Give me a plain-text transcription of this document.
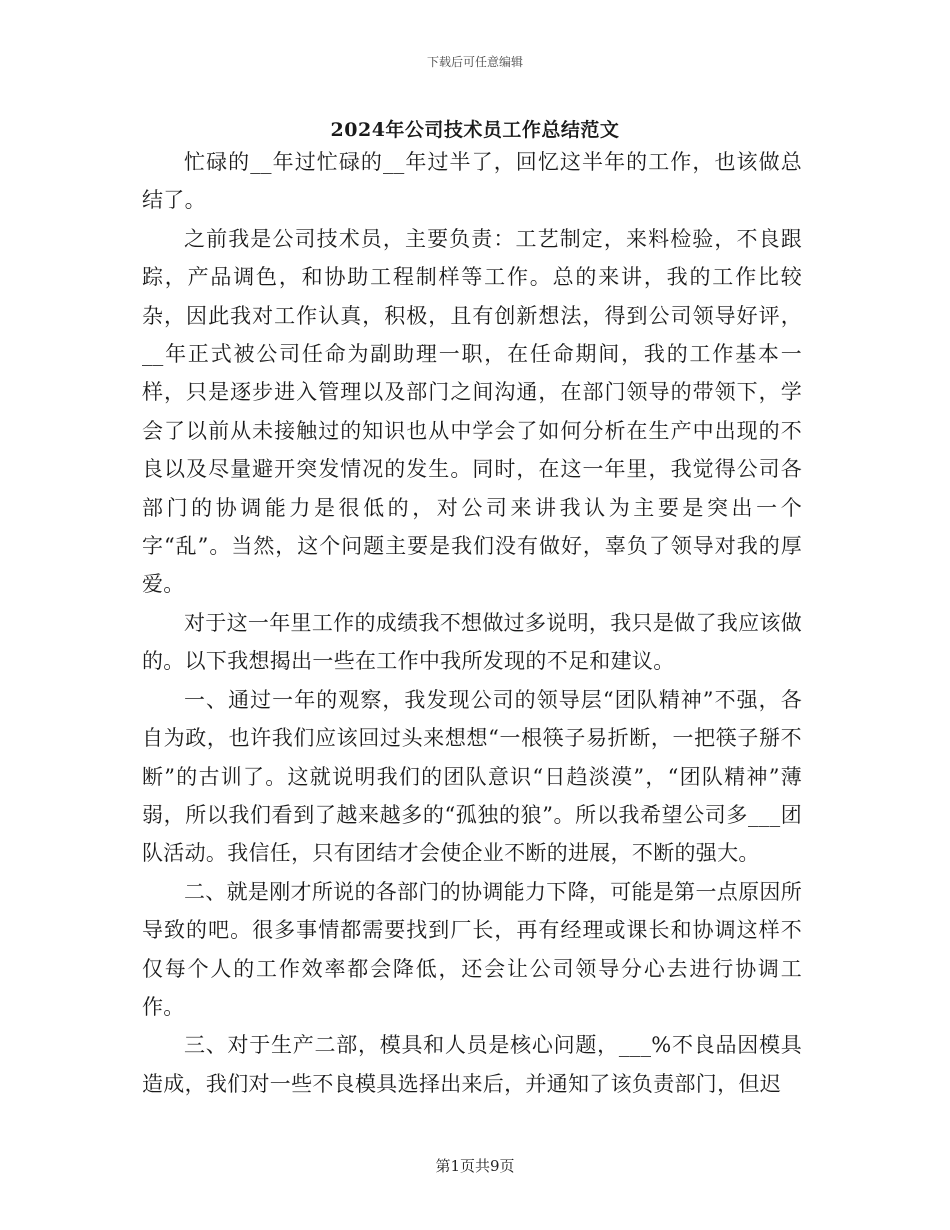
下载后可任意编辑
2024年公司技术员工作总结范文

忙碌的__年过忙碌的__年过半了，回忆这半年的工作，也该做总结了。

之前我是公司技术员，主要负责：工艺制定，来料检验，不良跟踪，产品调色，和协助工程制样等工作。总的来讲，我的工作比较杂，因此我对工作认真，积极，且有创新想法，得到公司领导好评，__年正式被公司任命为副助理一职，在任命期间，我的工作基本一样，只是逐步进入管理以及部门之间沟通，在部门领导的带领下，学会了以前从未接触过的知识也从中学会了如何分析在生产中出现的不良以及尽量避开突发情况的发生。同时，在这一年里，我觉得公司各部门的协调能力是很低的，对公司来讲我认为主要是突出一个字“乱”。当然，这个问题主要是我们没有做好，辜负了领导对我的厚爱。

对于这一年里工作的成绩我不想做过多说明，我只是做了我应该做的。以下我想揭出一些在工作中我所发现的不足和建议。

一、通过一年的观察，我发现公司的领导层“团队精神”不强，各自为政，也许我们应该回过头来想想“一根筷子易折断，一把筷子掰不断”的古训了。这就说明我们的团队意识“日趋淡漠”，“团队精神”薄弱，所以我们看到了越来越多的“孤独的狼”。所以我希望公司多___团队活动。我信任，只有团结才会使企业不断的进展，不断的强大。

二、就是刚才所说的各部门的协调能力下降，可能是第一点原因所导致的吧。很多事情都需要找到厂长，再有经理或课长和协调这样不仅每个人的工作效率都会降低，还会让公司领导分心去进行协调工作。

三、对于生产二部，模具和人员是核心问题，___%不良品因模具造成，我们对一些不良模具选择出来后，并通知了该负责部门，但迟

第1页共9页
